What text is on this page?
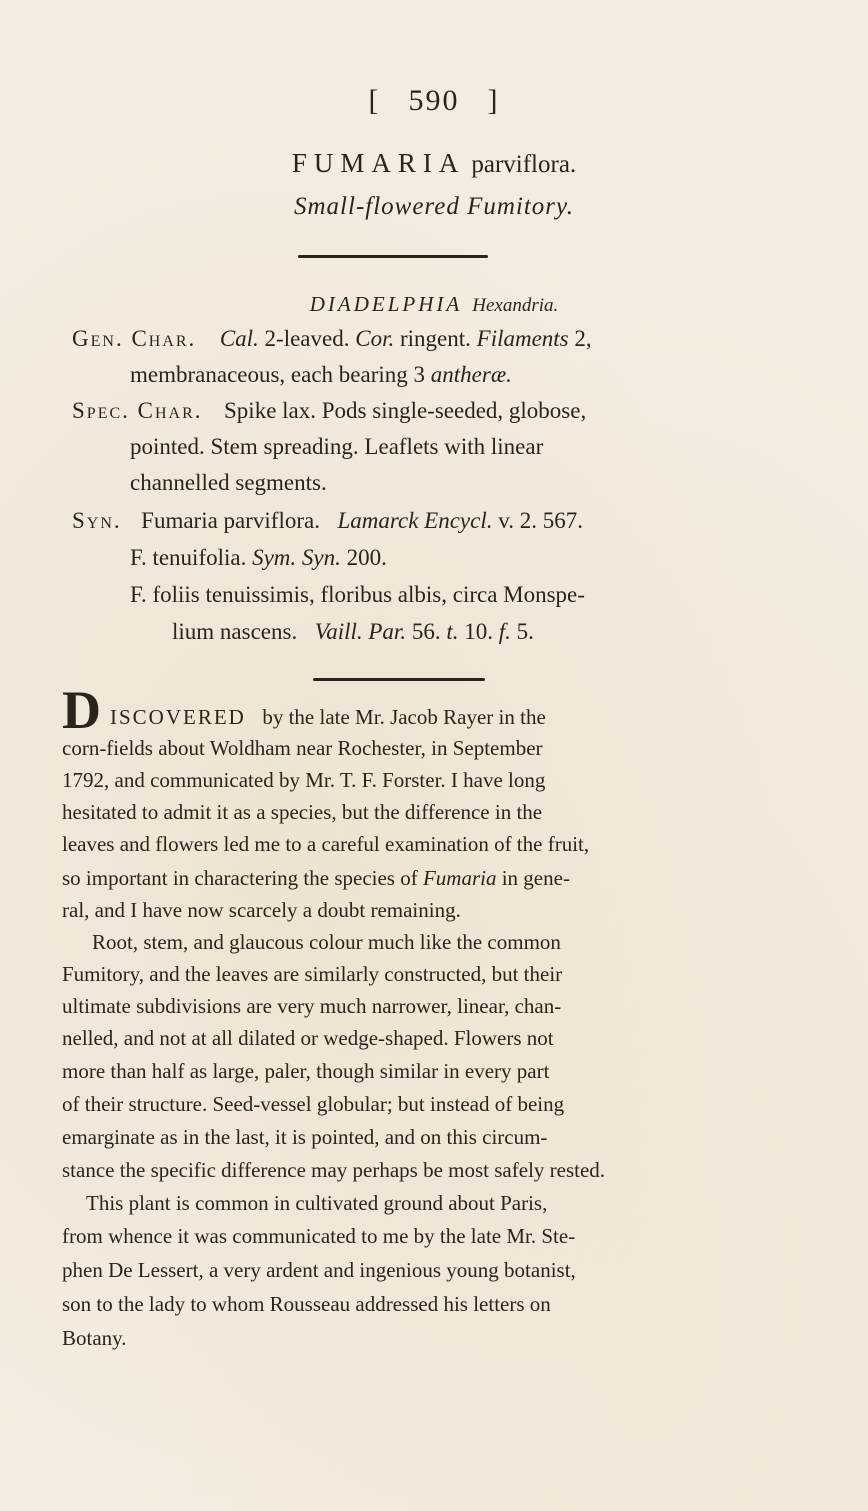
[ 590 ]
FUMARIA parviflora.
Small-flowered Fumitory.
DIADELPHIA Hexandria.
Gen. Char. Cal. 2-leaved. Cor. ringent. Filaments 2,
membranaceous, each bearing 3 antheræ.
Spec. Char. Spike lax. Pods single-seeded, globose,
pointed. Stem spreading. Leaflets with linear
channelled segments.
Syn. Fumaria parviflora. Lamarck Encycl. v. 2. 567.
F. tenuifolia. Sym. Syn. 200.
F. foliis tenuissimis, floribus albis, circa Monspe-
lium nascens. Vaill. Par. 56. t. 10. f. 5.
D ISCOVERED by the late Mr. Jacob Rayer in the
corn-fields about Woldham near Rochester, in September
1792, and communicated by Mr. T. F. Forster. I have long
hesitated to admit it as a species, but the difference in the
leaves and flowers led me to a careful examination of the fruit,
so important in charactering the species of Fumaria in gene-
ral, and I have now scarcely a doubt remaining.
Root, stem, and glaucous colour much like the common
Fumitory, and the leaves are similarly constructed, but their
ultimate subdivisions are very much narrower, linear, chan-
nelled, and not at all dilated or wedge-shaped. Flowers not
more than half as large, paler, though similar in every part
of their structure. Seed-vessel globular; but instead of being
emarginate as in the last, it is pointed, and on this circum-
stance the specific difference may perhaps be most safely rested.
This plant is common in cultivated ground about Paris,
from whence it was communicated to me by the late Mr. Ste-
phen De Lessert, a very ardent and ingenious young botanist,
son to the lady to whom Rousseau addressed his letters on
Botany.
